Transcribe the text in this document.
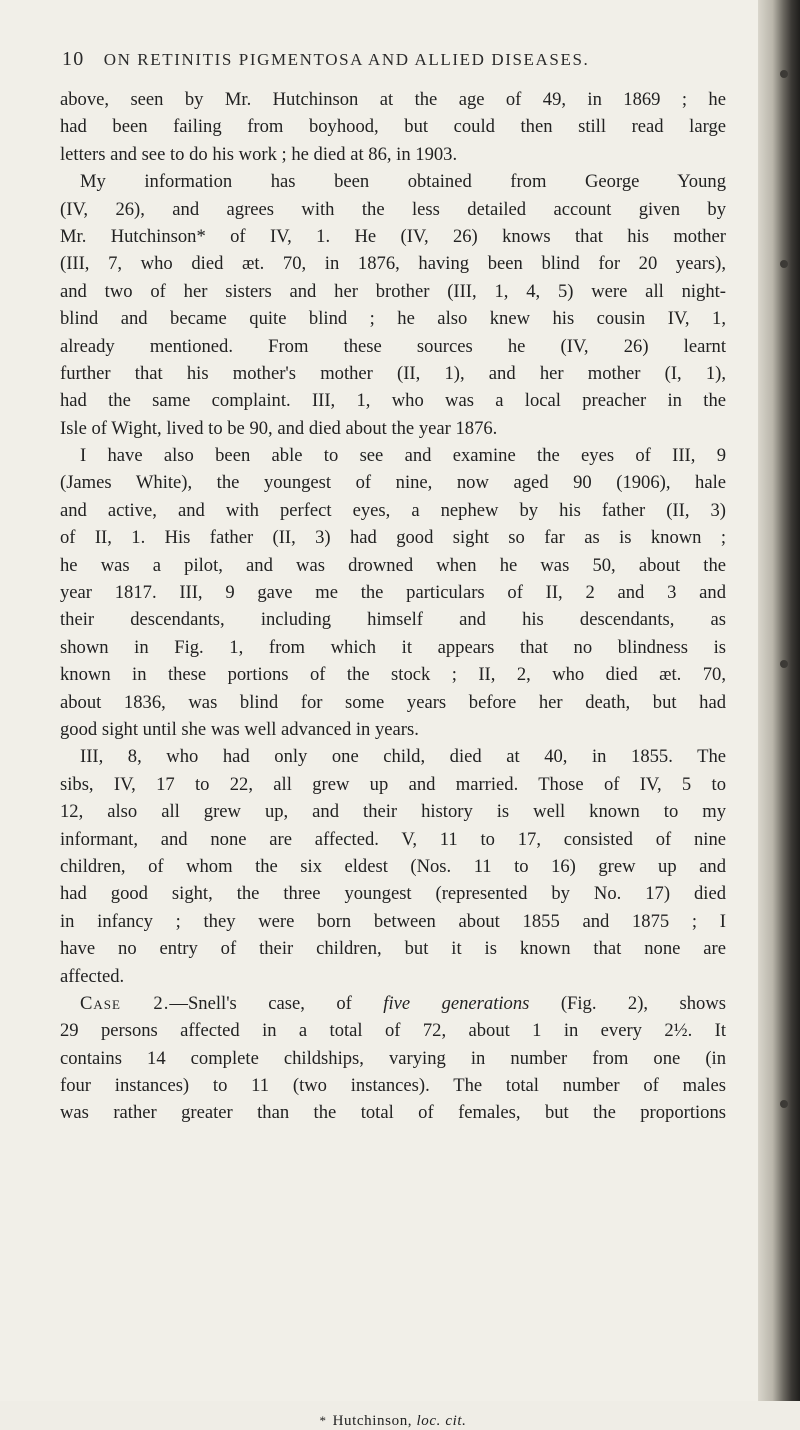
10 ON RETINITIS PIGMENTOSA AND ALLIED DISEASES.
above, seen by Mr. Hutchinson at the age of 49, in 1869 ; he
had been failing from boyhood, but could then still read large
letters and see to do his work ; he died at 86, in 1903.
My information has been obtained from George Young
(IV, 26), and agrees with the less detailed account given by
Mr. Hutchinson* of IV, 1. He (IV, 26) knows that his mother
(III, 7, who died æt. 70, in 1876, having been blind for 20 years),
and two of her sisters and her brother (III, 1, 4, 5) were all night-
blind and became quite blind ; he also knew his cousin IV, 1,
already mentioned. From these sources he (IV, 26) learnt
further that his mother's mother (II, 1), and her mother (I, 1),
had the same complaint. III, 1, who was a local preacher in the
Isle of Wight, lived to be 90, and died about the year 1876.
I have also been able to see and examine the eyes of III, 9
(James White), the youngest of nine, now aged 90 (1906), hale
and active, and with perfect eyes, a nephew by his father (II, 3)
of II, 1. His father (II, 3) had good sight so far as is known ;
he was a pilot, and was drowned when he was 50, about the
year 1817. III, 9 gave me the particulars of II, 2 and 3 and
their descendants, including himself and his descendants, as
shown in Fig. 1, from which it appears that no blindness is
known in these portions of the stock ; II, 2, who died æt. 70,
about 1836, was blind for some years before her death, but had
good sight until she was well advanced in years.
III, 8, who had only one child, died at 40, in 1855. The
sibs, IV, 17 to 22, all grew up and married. Those of IV, 5 to
12, also all grew up, and their history is well known to my
informant, and none are affected. V, 11 to 17, consisted of nine
children, of whom the six eldest (Nos. 11 to 16) grew up and
had good sight, the three youngest (represented by No. 17) died
in infancy ; they were born between about 1855 and 1875 ; I
have no entry of their children, but it is known that none are
affected.
Case 2.—Snell's case, of five generations (Fig. 2), shows
29 persons affected in a total of 72, about 1 in every 2½. It
contains 14 complete childships, varying in number from one (in
four instances) to 11 (two instances). The total number of males
was rather greater than the total of females, but the proportions
* Hutchinson, loc. cit.
